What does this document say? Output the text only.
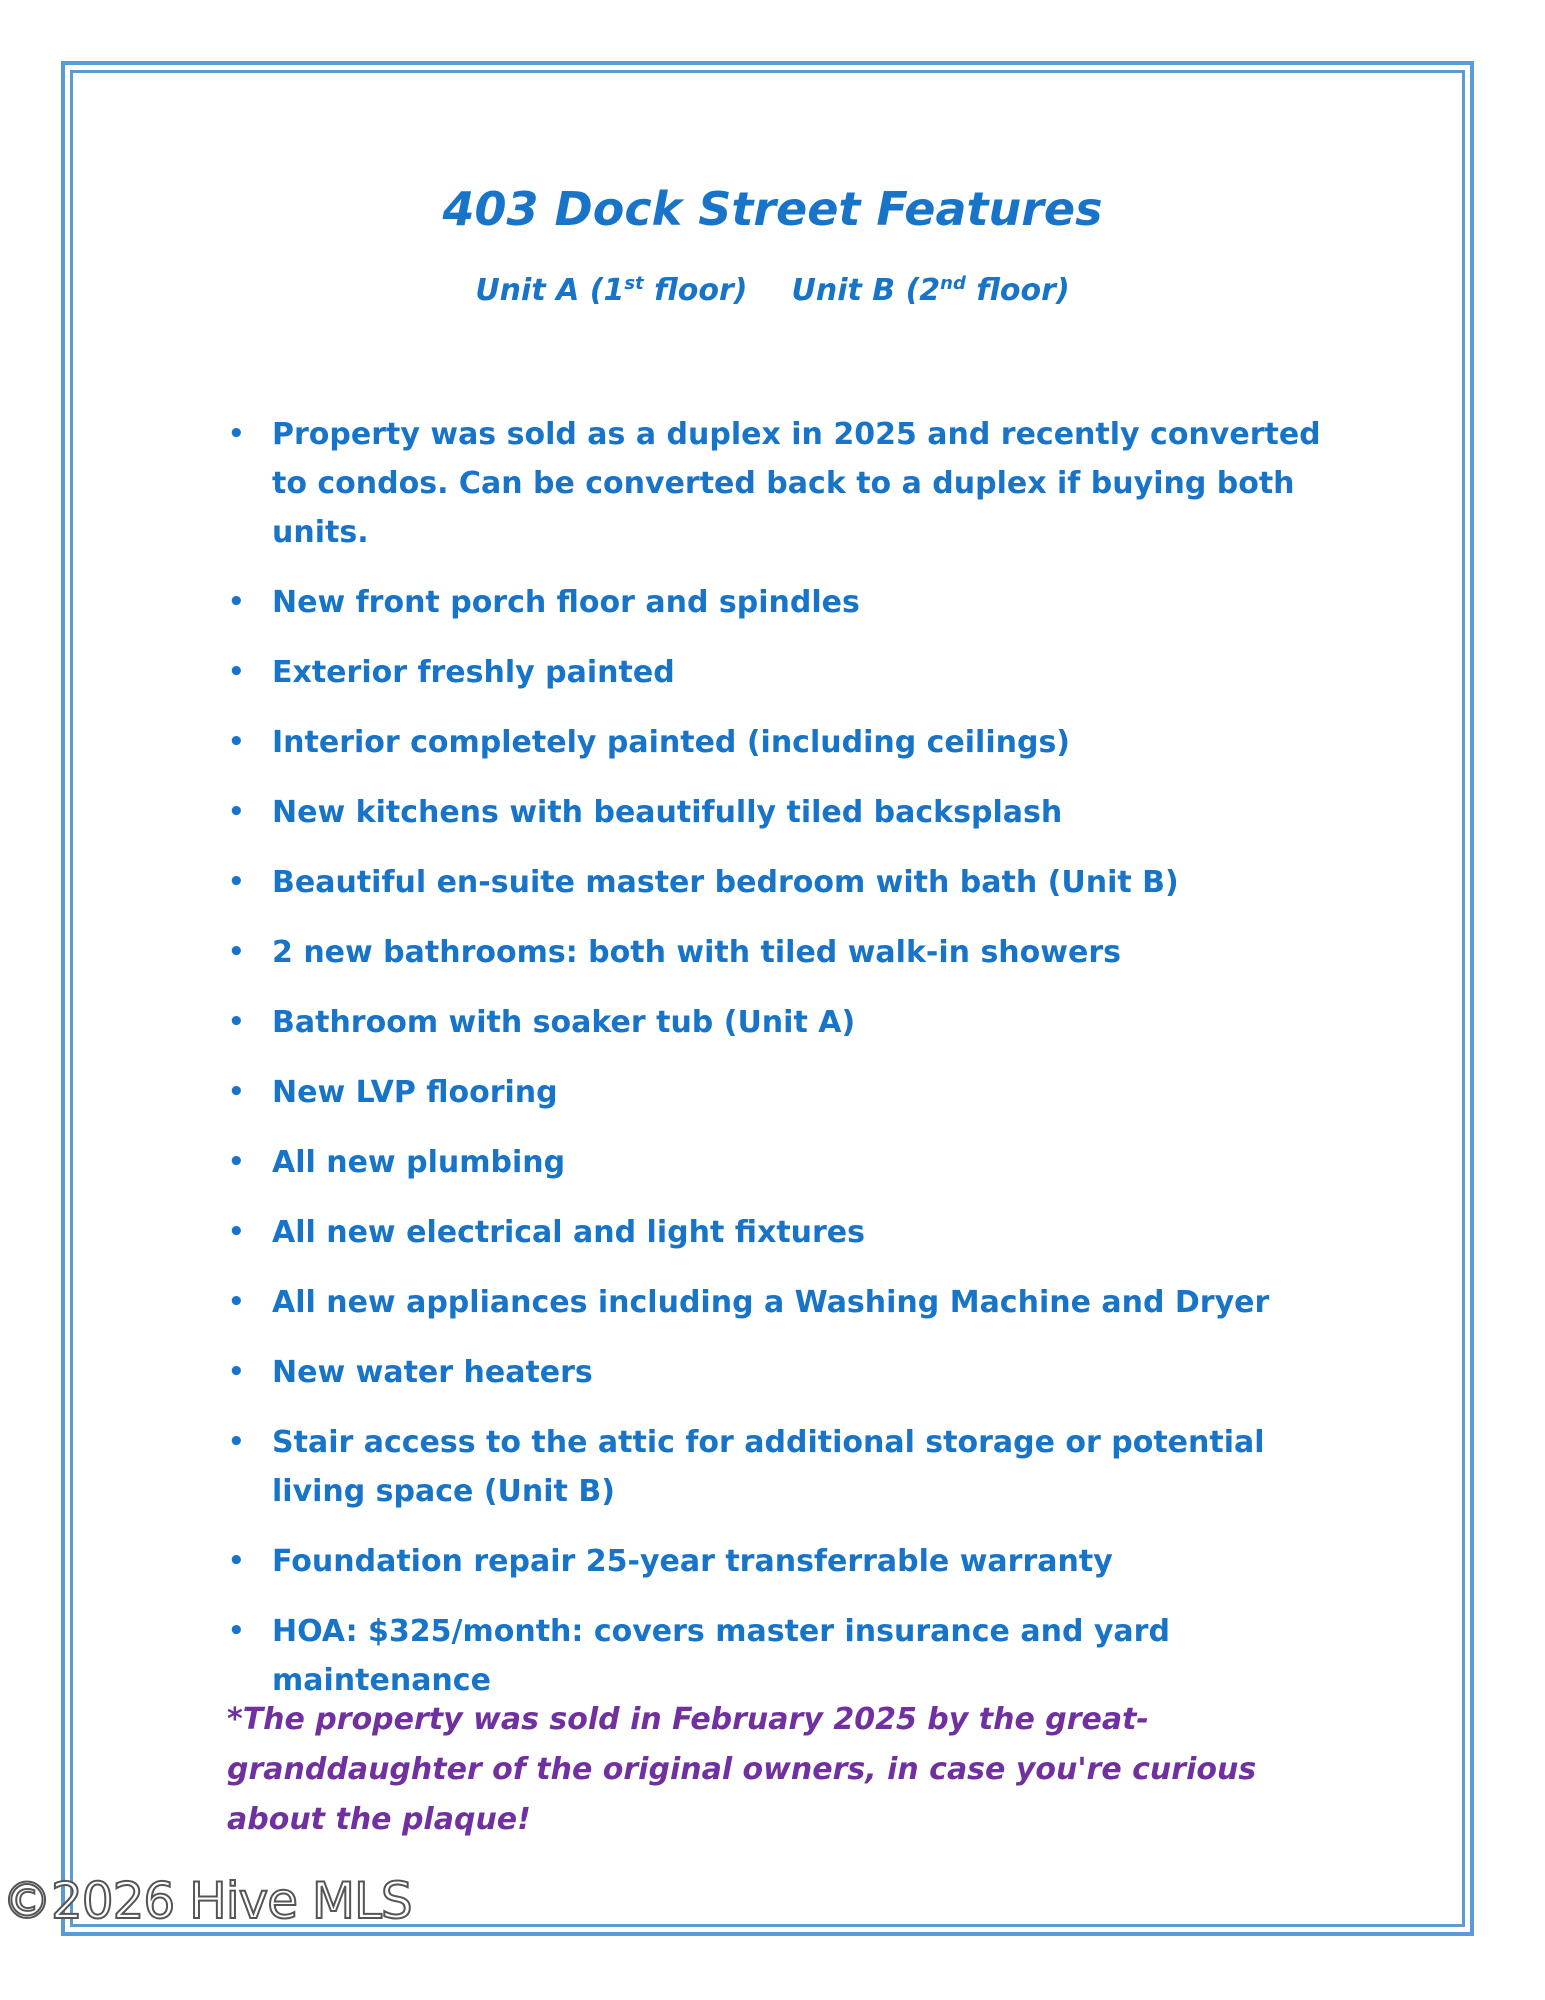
403 Dock Street Features
Unit A (1st floor) Unit B (2nd floor)
• Property was sold as a duplex in 2025 and recently converted to condos. Can be converted back to a duplex if buying both units.
• New front porch floor and spindles
• Exterior freshly painted
• Interior completely painted (including ceilings)
• New kitchens with beautifully tiled backsplash
• Beautiful en-suite master bedroom with bath (Unit B)
• 2 new bathrooms: both with tiled walk-in showers
• Bathroom with soaker tub (Unit A)
• New LVP flooring
• All new plumbing
• All new electrical and light fixtures
• All new appliances including a Washing Machine and Dryer
• New water heaters
• Stair access to the attic for additional storage or potential living space (Unit B)
• Foundation repair 25-year transferrable warranty
• HOA: $325/month: covers master insurance and yard maintenance
*The property was sold in February 2025 by the great-granddaughter of the original owners, in case you're curious about the plaque!
©2026 Hive MLS
